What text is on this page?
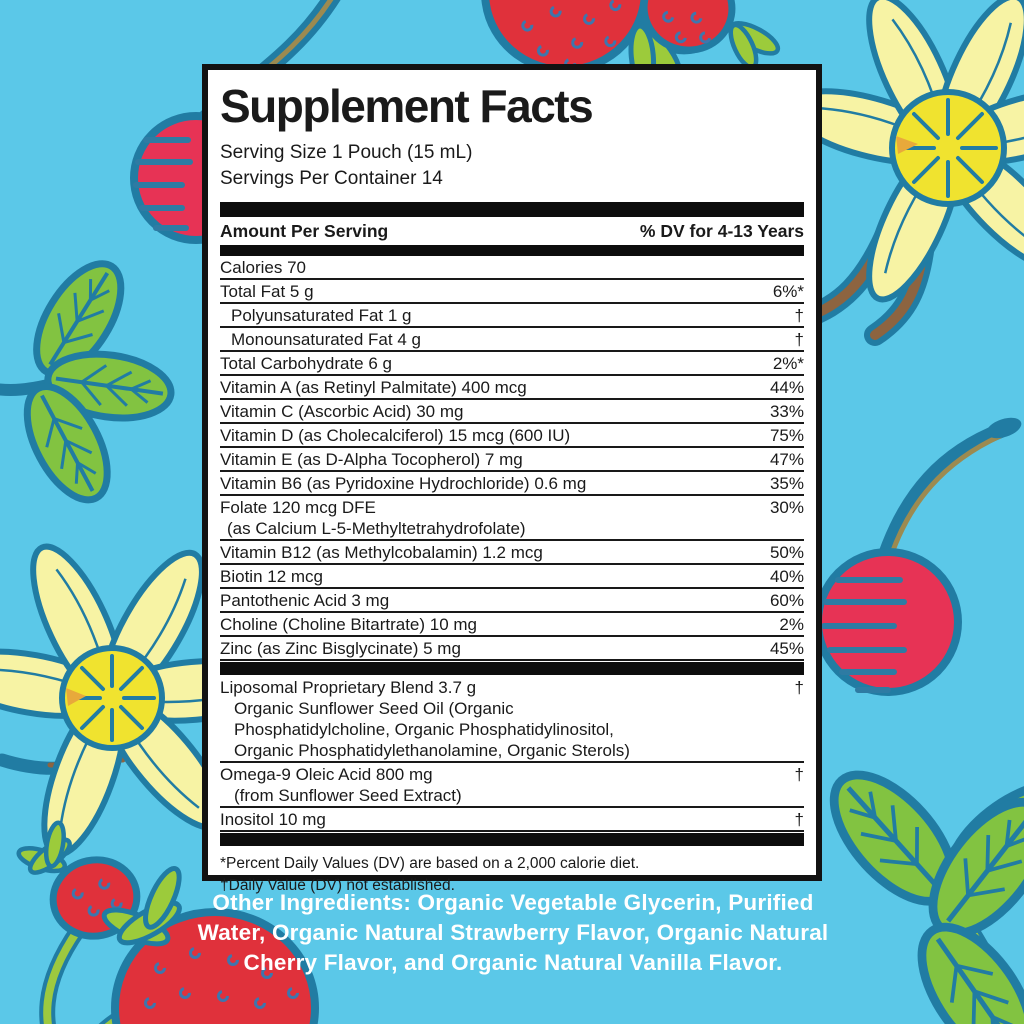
Supplement Facts
Serving Size 1 Pouch (15 mL)
Servings Per Container 14
Amount Per Serving	% DV for 4-13 Years
Calories 70
Total Fat 5 g	6%*
Polyunsaturated Fat 1 g	†
Monounsaturated Fat 4 g	†
Total Carbohydrate 6 g	2%*
Vitamin A (as Retinyl Palmitate) 400 mcg	44%
Vitamin C (Ascorbic Acid) 30 mg	33%
Vitamin D (as Cholecalciferol) 15 mcg (600 IU)	75%
Vitamin E (as D-Alpha Tocopherol) 7 mg	47%
Vitamin B6 (as Pyridoxine Hydrochloride) 0.6 mg	35%
Folate 120 mcg DFE	30%
(as Calcium L-5-Methyltetrahydrofolate)
Vitamin B12 (as Methylcobalamin) 1.2 mcg	50%
Biotin 12 mcg	40%
Pantothenic Acid 3 mg	60%
Choline (Choline Bitartrate) 10 mg	2%
Zinc (as Zinc Bisglycinate) 5 mg	45%
Liposomal Proprietary Blend 3.7 g	†
Organic Sunflower Seed Oil (Organic
Phosphatidylcholine, Organic Phosphatidylinositol,
Organic Phosphatidylethanolamine, Organic Sterols)
Omega-9 Oleic Acid 800 mg	†
(from Sunflower Seed Extract)
Inositol 10 mg	†
*Percent Daily Values (DV) are based on a 2,000 calorie diet.
†Daily Value (DV) not established.
Other Ingredients: Organic Vegetable Glycerin, Purified Water, Organic Natural Strawberry Flavor, Organic Natural Cherry Flavor, and Organic Natural Vanilla Flavor.
